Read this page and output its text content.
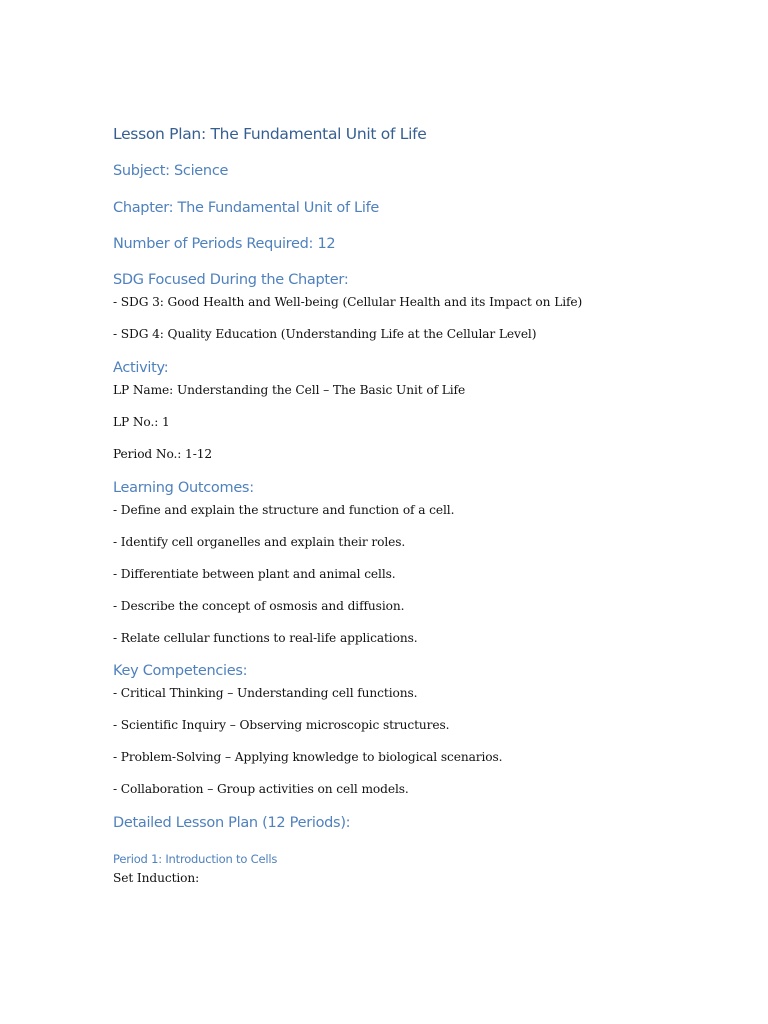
Lesson Plan: The Fundamental Unit of Life
Subject: Science
Chapter: The Fundamental Unit of Life
Number of Periods Required: 12
SDG Focused During the Chapter:
- SDG 3: Good Health and Well-being (Cellular Health and its Impact on Life)
- SDG 4: Quality Education (Understanding Life at the Cellular Level)
Activity:
LP Name: Understanding the Cell – The Basic Unit of Life
LP No.: 1
Period No.: 1-12
Learning Outcomes:
- Define and explain the structure and function of a cell.
- Identify cell organelles and explain their roles.
- Differentiate between plant and animal cells.
- Describe the concept of osmosis and diffusion.
- Relate cellular functions to real-life applications.
Key Competencies:
- Critical Thinking – Understanding cell functions.
- Scientific Inquiry – Observing microscopic structures.
- Problem-Solving – Applying knowledge to biological scenarios.
- Collaboration – Group activities on cell models.
Detailed Lesson Plan (12 Periods):
Period 1: Introduction to Cells
Set Induction:
